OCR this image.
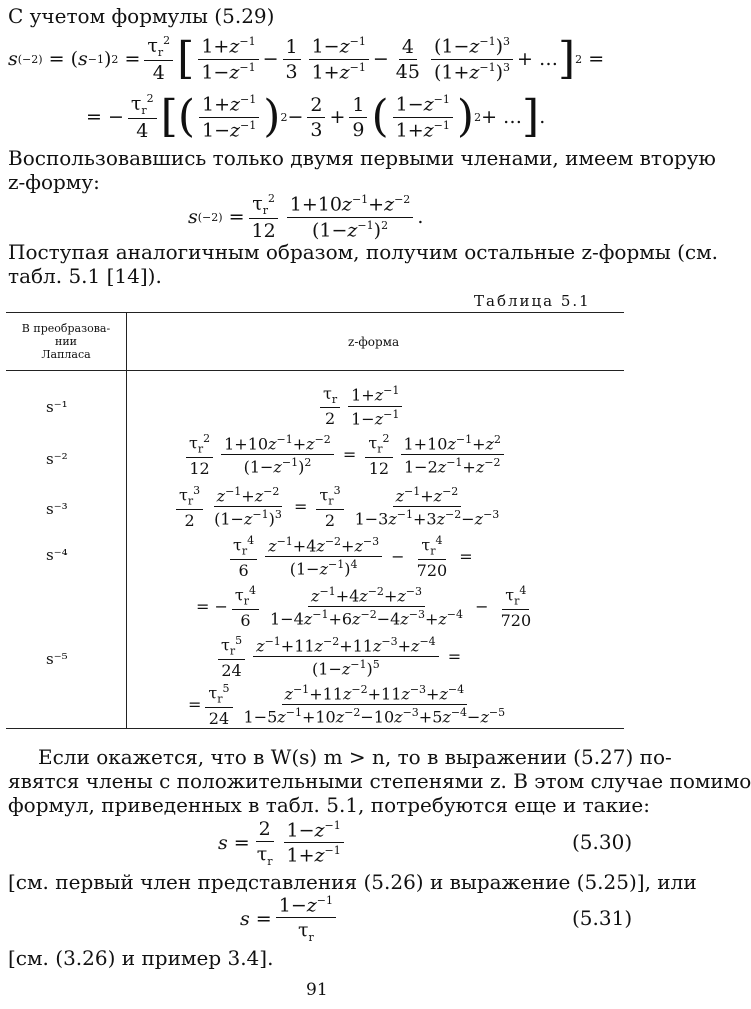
С учетом формулы (5.29)
s (−2) = ( s −1 ) $2 = \frac{\tau_r^2}{4}$ [ $\frac{1+z^{-1}}{1-z^{-1}} - \frac{1}{3} \frac{1-z^{-1}}{1+z^{-1}} - \frac{4}{45} \frac{(1-z^{-1})^3}{(1+z^{-1})^3}$ + … ] 2 =
= − $\frac{\tau_r^2}{4}$ [ ( $\frac{1+z^{-1}}{1-z^{-1}}$ ) $2 - \frac{2}{3} + \frac{1}{9}$ ( $\frac{1-z^{-1}}{1+z^{-1}}$ ) 2 + … ] .
Воспользовавшись только двумя первыми членами, имеем вторую
z-форму:
s $(-2) = \frac{\tau_r^2}{12} \frac{1+10z^{-1}+z^{-2}}{(1-z^{-1})^2}$ .
Поступая аналогичным образом, получим остальные z-формы (см.
табл. 5.1 [14]).
Таблица 5.1
В преобразова-
нии
Лапласа
z-форма
s⁻¹
s⁻²
s⁻³
s⁻⁴
s⁻⁵
$\frac{\tau_r}{2} \frac{1+z^{-1}}{1-z^{-1}}$
$\frac{\tau_r^2}{12} \frac{1+10z^{-1}+z^{-2}}{(1-z^{-1})^2} = \frac{\tau_r^2}{12} \frac{1+10z^{-1}+z^2}{1-2z^{-1}+z^{-2}}$
$\frac{\tau_r^3}{2} \frac{z^{-1}+z^{-2}}{(1-z^{-1})^3} = \frac{\tau_r^3}{2} \frac{z^{-1}+z^{-2}}{1-3z^{-1}+3z^{-2}-z^{-3}}$
$\frac{\tau_r^4}{6} \frac{z^{-1}+4z^{-2}+z^{-3}}{(1-z^{-1})^4} - \frac{\tau_r^4}{720}$ =
= − $\frac{\tau_r^4}{6} \frac{z^{-1}+4z^{-2}+z^{-3}}{1-4z^{-1}+6z^{-2}-4z^{-3}+z^{-4}} - \frac{\tau_r^4}{720}$
$\frac{\tau_r^5}{24} \frac{z^{-1}+11z^{-2}+11z^{-3}+z^{-4}}{(1-z^{-1})^5}$ =
= $\frac{\tau_r^5}{24} \frac{z^{-1}+11z^{-2}+11z^{-3}+z^{-4}}{1-5z^{-1}+10z^{-2}-10z^{-3}+5z^{-4}-z^{-5}}$
Если окажется, что в W(s) m > n, то в выражении (5.27) по-
явятся члены с положительными степенями z. В этом случае помимо
формул, приведенных в табл. 5.1, потребуются еще и такие:
$s = \frac{2}{\tau_r} \frac{1-z^{-1}}{1+z^{-1}}$	(5.30)
[см. первый член представления (5.26) и выражение (5.25)], или
$s = \frac{1-z^{-1}}{\tau_r}$	(5.31)
[см. (3.26) и пример 3.4].
91
